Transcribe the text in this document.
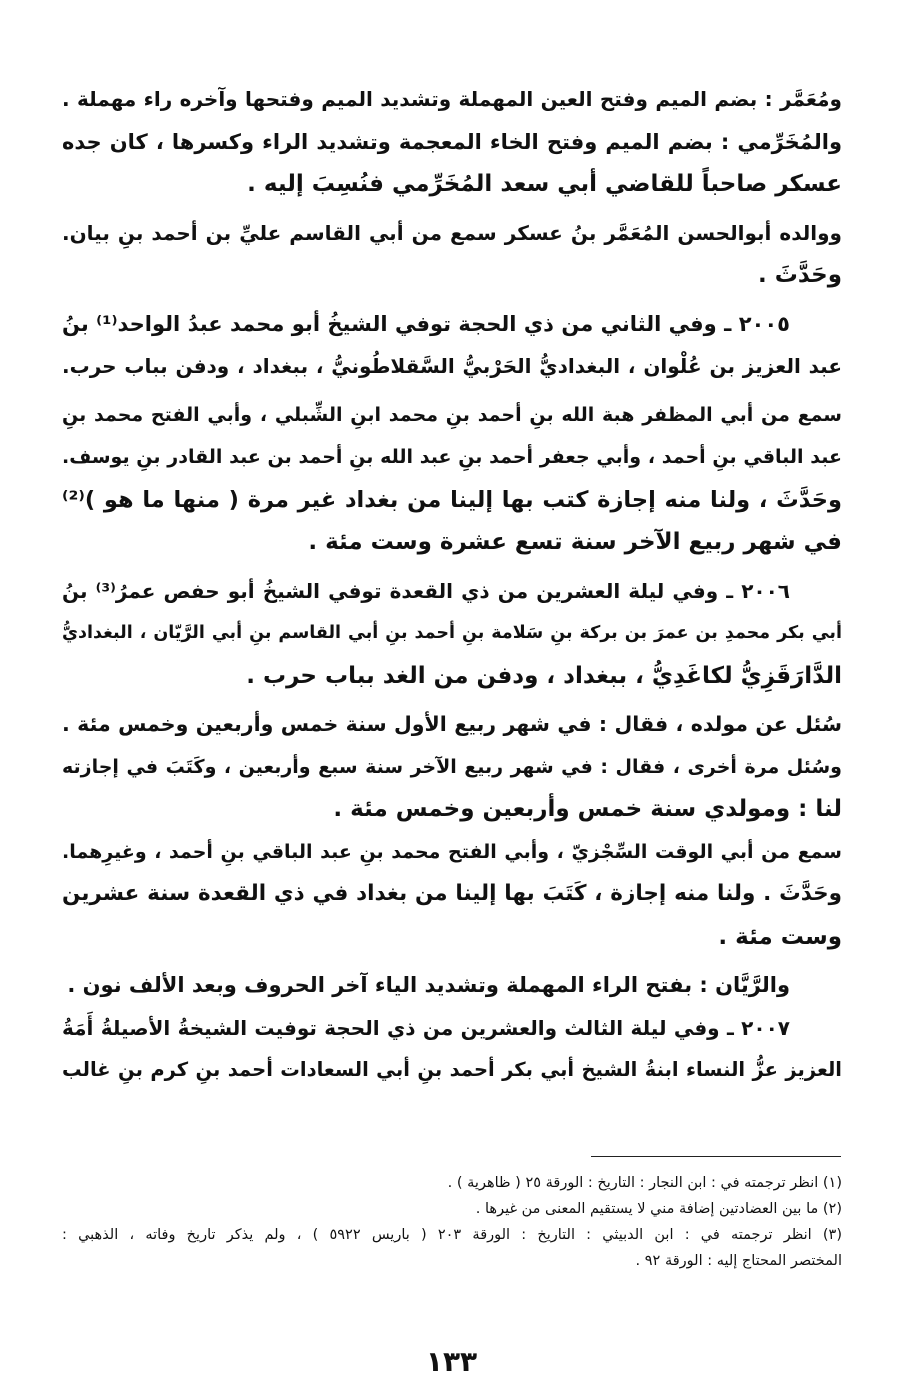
ومُعَمَّر : بضم الميم وفتح العين المهملة وتشديد الميم وفتحها وآخره راء مهملة .
والمُخَرِّمي : بضم الميم وفتح الخاء المعجمة وتشديد الراء وكسرها ، كان جده
عسكر صاحباً للقاضي أبي سعد المُخَرِّمي فنُسِبَ إليه .
ووالده أبوالحسن المُعَمَّر بنُ عسكر سمع من أبي القاسم عليِّ بن أحمد بنِ بيان.
وحَدَّثَ .
٢٠٠٥ ـ وفي الثاني من ذي الحجة توفي الشيخُ أبو محمد عبدُ الواحد⁽¹⁾ بنُ
عبد العزيز بن عُلْوان ، البغداديُّ الحَرْبيُّ السَّقلاطُونيُّ ، ببغداد ، ودفن بباب حرب.
سمع من أبي المظفر هبة الله بنِ أحمد بنِ محمد ابنِ الشِّبلي ، وأبي الفتح محمد بنِ
عبد الباقي بنِ أحمد ، وأبي جعفر أحمد بنِ عبد الله بنِ أحمد بن عبد القادر بنِ يوسف.
وحَدَّثَ ، ولنا منه إجازة كتب بها إلينا من بغداد غير مرة ( منها ما هو )⁽²⁾
في شهر ربيع الآخر سنة تسع عشرة وست مئة .
٢٠٠٦ ـ وفي ليلة العشرين من ذي القعدة توفي الشيخُ أبو حفص عمرُ⁽³⁾ بنُ
أبي بكر محمدِ بن عمرَ بن بركة بنِ سَلامة بنِ أحمد بنِ أبي القاسم بنِ أبي الرَّيّان ، البغداديُّ
الدَّارَقَزِيُّ لكاغَدِيُّ ، ببغداد ، ودفن من الغد بباب حرب .
سُئل عن مولده ، فقال : في شهر ربيع الأول سنة خمس وأربعين وخمس مئة .
وسُئل مرة أخرى ، فقال : في شهر ربيع الآخر سنة سبع وأربعين ، وكَتَبَ في إجازته
لنا : ومولدي سنة خمس وأربعين وخمس مئة .
سمع من أبي الوقت السِّجْزيّ ، وأبي الفتح محمد بنِ عبد الباقي بنِ أحمد ، وغيرِهما.
وحَدَّثَ . ولنا منه إجازة ، كَتَبَ بها إلينا من بغداد في ذي القعدة سنة عشرين
وست مئة .
والرَّيَّان : بفتح الراء المهملة وتشديد الياء آخر الحروف وبعد الألف نون .
٢٠٠٧ ـ وفي ليلة الثالث والعشرين من ذي الحجة توفيت الشيخةُ الأصيلةُ أَمَةُ
العزيز عزُّ النساء ابنةُ الشيخ أبي بكر أحمد بنِ أبي السعادات أحمد بنِ كرم بنِ غالب
(١) انظر ترجمته في : ابن النجار : التاريخ : الورقة ٢٥ ( ظاهرية ) .
(٢) ما بين العضادتين إضافة مني لا يستقيم المعنى من غيرها .
(٣) انظر ترجمته في : ابن الدبيثي : التاريخ : الورقة ٢٠٣ ( باريس ٥٩٢٢ ) ، ولم يذكر تاريخ وفاته ، الذهبي :
المختصر المحتاج إليه : الورقة ٩٢ .
١٣٣
